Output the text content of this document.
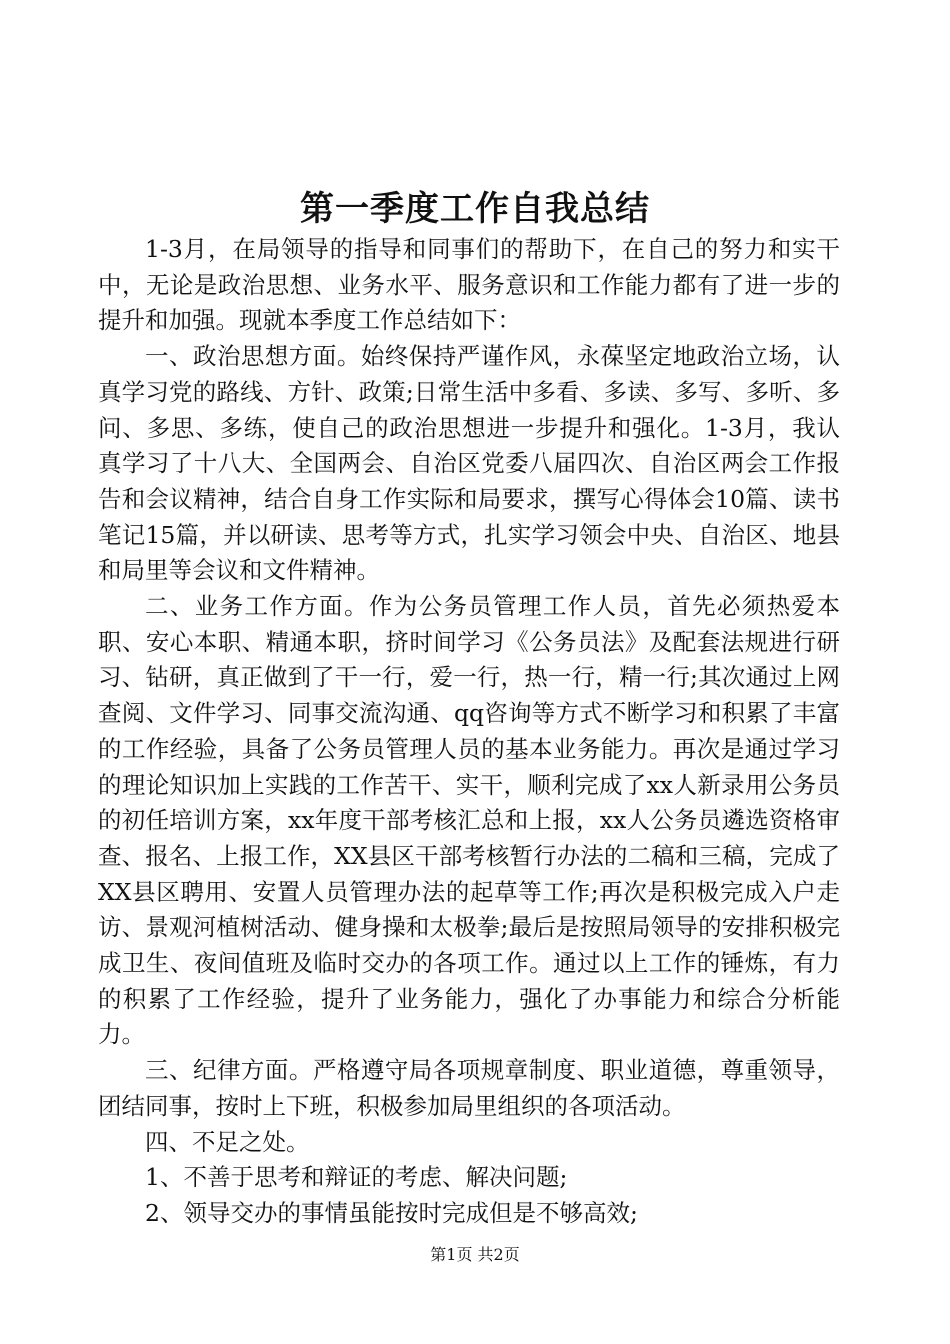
第一季度工作自我总结

1-3月，在局领导的指导和同事们的帮助下，在自己的努力和实干中，无论是政治思想、业务水平、服务意识和工作能力都有了进一步的提升和加强。现就本季度工作总结如下：

一、政治思想方面。始终保持严谨作风，永葆坚定地政治立场，认真学习党的路线、方针、政策;日常生活中多看、多读、多写、多听、多问、多思、多练，使自己的政治思想进一步提升和强化。1-3月，我认真学习了十八大、全国两会、自治区党委八届四次、自治区两会工作报告和会议精神，结合自身工作实际和局要求，撰写心得体会10篇、读书笔记15篇，并以研读、思考等方式，扎实学习领会中央、自治区、地县和局里等会议和文件精神。

二、业务工作方面。作为公务员管理工作人员，首先必须热爱本职、安心本职、精通本职，挤时间学习《公务员法》及配套法规进行研习、钻研，真正做到了干一行，爱一行，热一行，精一行;其次通过上网查阅、文件学习、同事交流沟通、qq咨询等方式不断学习和积累了丰富的工作经验，具备了公务员管理人员的基本业务能力。再次是通过学习的理论知识加上实践的工作苦干、实干，顺利完成了xx人新录用公务员的初任培训方案，xx年度干部考核汇总和上报，xx人公务员遴选资格审查、报名、上报工作，XX县区干部考核暂行办法的二稿和三稿，完成了XX县区聘用、安置人员管理办法的起草等工作;再次是积极完成入户走访、景观河植树活动、健身操和太极拳;最后是按照局领导的安排积极完成卫生、夜间值班及临时交办的各项工作。通过以上工作的锤炼，有力的积累了工作经验，提升了业务能力，强化了办事能力和综合分析能力。

三、纪律方面。严格遵守局各项规章制度、职业道德，尊重领导，团结同事，按时上下班，积极参加局里组织的各项活动。

四、不足之处。

1、不善于思考和辩证的考虑、解决问题;

2、领导交办的事情虽能按时完成但是不够高效;

第1页 共2页
